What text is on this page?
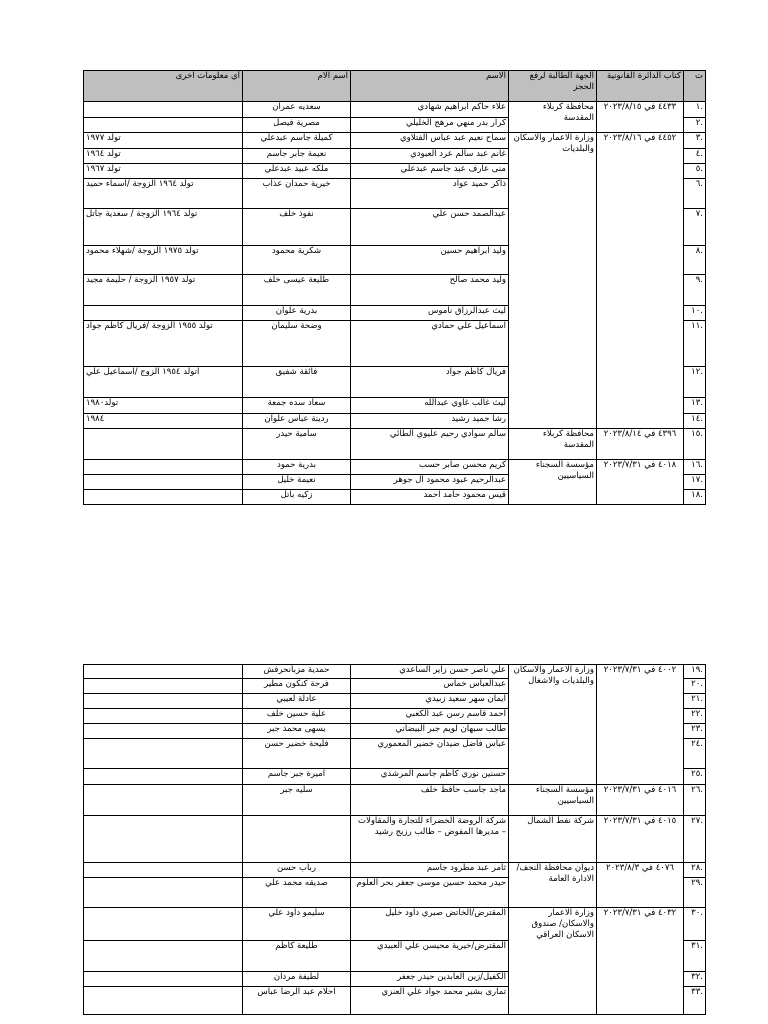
ت	كتاب الدائرة القانونية	الجهة الطالبة لرفع الحجز	الاسم	اسم الام	أي معلومات اخرى
.١	٤٤٣٣ في ٢٠٢٣/٨/١٥	محافظة كربلاء المقدسة	علاء حاكم ابراهيم شهادي	سعديه عمران	
.٢			كرار بدر منهي مرهج الخليلي	مصرية فيصل	
.٣	٤٤٥٢ في ٢٠٢٣/٨/١٦	وزارة الاعمار والاسكان والبلديات	سماح نعيم عبد عباس الفتلاوي	كميلة جاسم عبدعلي	تولد ١٩٧٧
.٤			غانم عبد سالم عرد العبودي	نعيمة جابر جاسم	تولد ١٩٦٤
.٥			منى عارف عبد جاسم عبدعلي	ملكه عبيد عبدعلي	تولد ١٩٦٧
.٦			ذاكر حميد عواد	خيرية حمدان عذاب	تولد ١٩٦٤ الزوجة /اسماء حميد
.٧			عبدالصمد حسن علي	نفوذ خلف	تولد ١٩٦٤ الزوجة / سعدية جاتل
.٨			وليد ابراهيم حسين	شكرية محمود	تولد ١٩٧٥ الزوجة /شهلاء محمود
.٩			وليد محمد صالح	طليعة عيسى خلف	تولد ١٩٥٧ الزوجة / حليمة مجيد
.١٠			ليث عبدالرزاق ناموس	بدرية علوان	
.١١			اسماعيل علي حمادي	وضحة سليمان	تولد ١٩٥٥ الزوجة /فريال كاظم جواد
.١٢			فريال كاظم جواد	فائقة شفيق	اتولد ١٩٥٤ الزوج /اسماعيل علي
.١٣			ليث غالب غاوي عبدالله	سعاد سده جمعة	تولد١٩٨٠
.١٤			رشا حميد رشيد	ردينة عباس علوان	١٩٨٤
.١٥	٤٣٩٦ في ٢٠٢٣/٨/١٤	محافظة كربلاء المقدسة	سالم سوادي رحيم عليوي الطائي	سامية حيدر	
.١٦	٤٠١٨ في ٢٠٢٣/٧/٣١	مؤسسة السجناء السياسيين	كريم محسن صابر حسب	بدرية حمود	
.١٧			عبدالرحيم عبود محمود ال جوهر	نعيمة خليل	
.١٨			قيس محمود حامد احمد	زكيه باتل	
.١٩	٤٠٠٢ في ٢٠٢٣/٧/٣١	وزارة الاعمار والاسكان والبلديات والاشغال	علي ناصر حسن زاير الساعدي	حمدية مزبانحرفش	
.٢٠			عبدالعباس خماس	فرحة كنكون مطير	
.٢١			ايمان سهر سعيد زبيدي	عادلة لعيبي	
.٢٢			احمد قاسم رسن عبد الكعبي	علية حسين خلف	
.٢٣			طالب سبهان لويم جبر البيضاني	يسهى محمد جبر	
.٢٤			عباس فاضل ضيدان خضير المعموري	فليحة خضير حسن	
.٢٥			حسنين نوري كاظم جاسم المرشدي	اميرة جبر جاسم	
.٢٦	٤٠١٦ في ٢٠٢٣/٧/٣١	مؤسسة السجناء السياسيين	ماجد جاسب حافظ خلف	سليه جبر	
.٢٧	٤٠١٥ في ٢٠٢٣/٧/٣١	شركة نفط الشمال	شركة الروضة الخضراء للتجارة والمقاولات – مديرها المفوض – طالب رزيج رشيد		
.٢٨	٤٠٧٦ في ٢٠٢٣/٨/٣	ديوان محافظة النجف/الادارة العامة	ثامر عبد مطرود جاسم	رباب حسن	
.٢٩			حيدر محمد حسين موسى جعفر بحر العلوم	صديقه محمد علي	
.٣٠	٤٠٣٢ في ٢٠٢٣/٧/٣١	وزارة الاعمار والاسكان/ صندوق الاسكان العراقي	المقترض/الخاتض صبري داود خليل	سليمو داود علي	
.٣١			المقترض/خيرية محيسن علي العبيدي	طليعة كاظم	
.٣٢			الكفيل/زين العابدين حيدر جعفر	لطيفة مردان	
.٣٣			تمارى بشير محمد جواد علي العنزي	احلام عبد الرضا عباس	
